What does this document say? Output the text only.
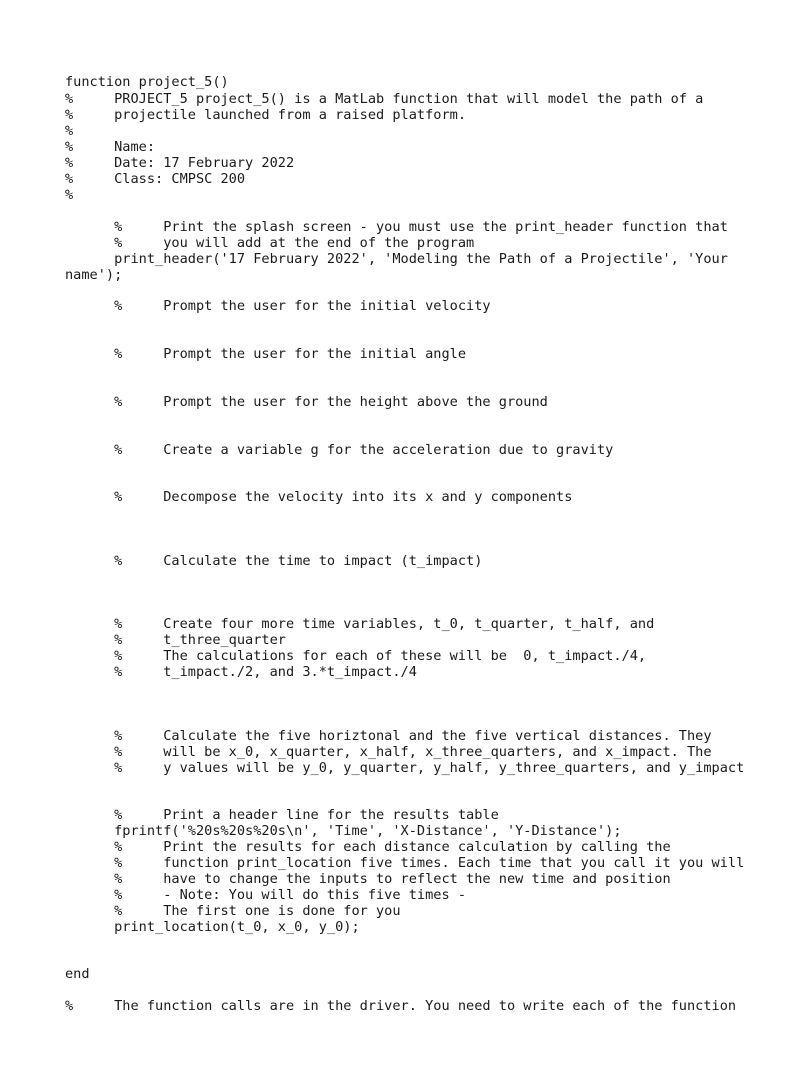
function project_5()
%     PROJECT_5 project_5() is a MatLab function that will model the path of a
%     projectile launched from a raised platform.
%
%     Name:
%     Date: 17 February 2022
%     Class: CMPSC 200
%
%     Print the splash screen - you must use the print_header function that
%     you will add at the end of the program
print_header('17 February 2022', 'Modeling the Path of a Projectile', 'Your
name');
%     Prompt the user for the initial velocity
%     Prompt the user for the initial angle
%     Prompt the user for the height above the ground
%     Create a variable g for the acceleration due to gravity
%     Decompose the velocity into its x and y components
%     Calculate the time to impact (t_impact)
%     Create four more time variables, t_0, t_quarter, t_half, and
%     t_three_quarter
%     The calculations for each of these will be  0, t_impact./4,
%     t_impact./2, and 3.*t_impact./4
%     Calculate the five horiztonal and the five vertical distances. They
%     will be x_0, x_quarter, x_half, x_three_quarters, and x_impact. The
%     y values will be y_0, y_quarter, y_half, y_three_quarters, and y_impact
%     Print a header line for the results table
fprintf('%20s%20s%20s\n', 'Time', 'X-Distance', 'Y-Distance');
%     Print the results for each distance calculation by calling the
%     function print_location five times. Each time that you call it you will
%     have to change the inputs to reflect the new time and position
%     - Note: You will do this five times -
%     The first one is done for you
print_location(t_0, x_0, y_0);
end
%     The function calls are in the driver. You need to write each of the function
